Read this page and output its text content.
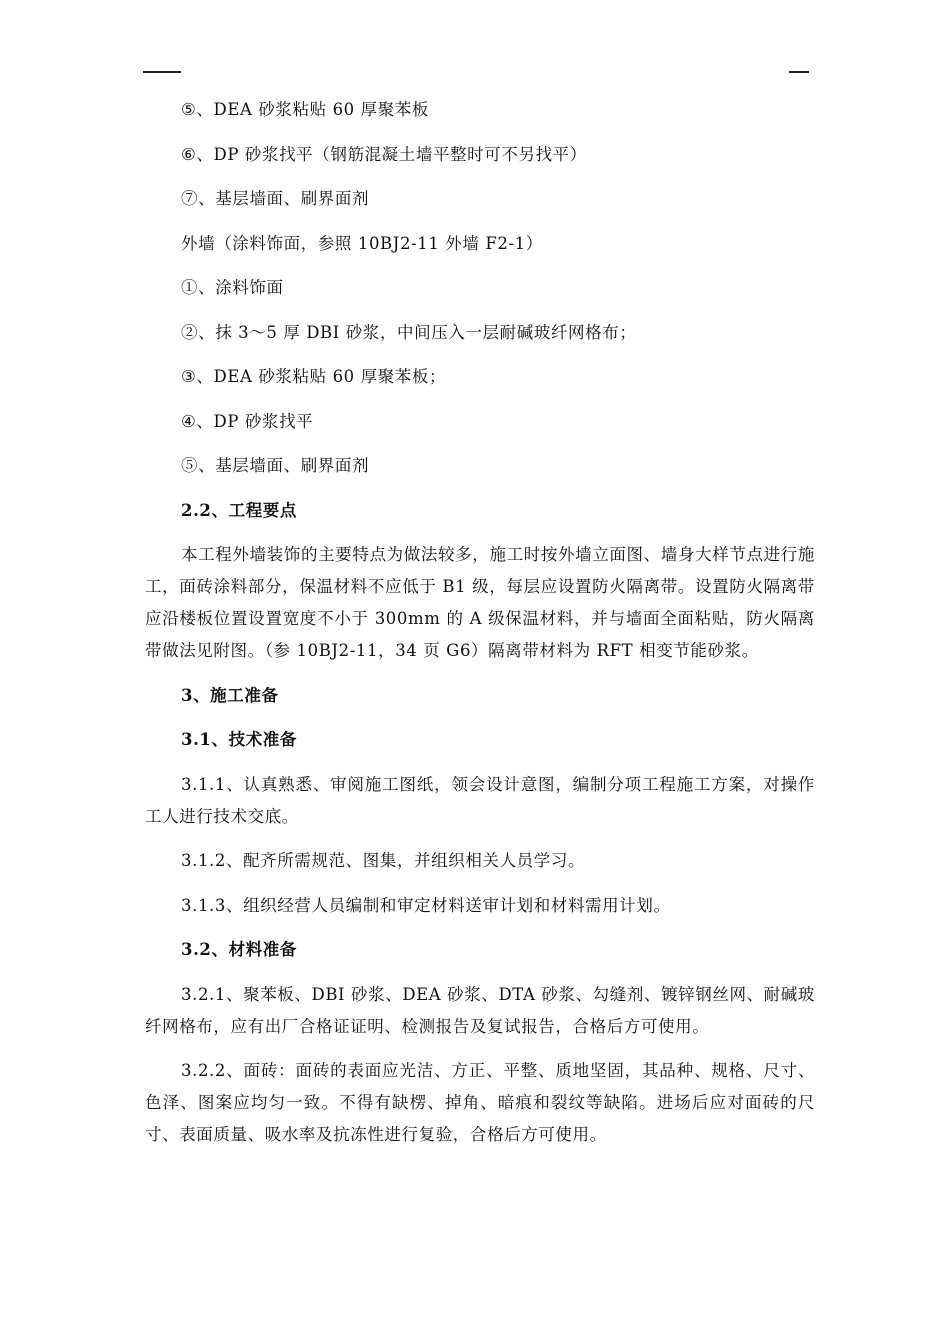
⑤、DEA 砂浆粘贴 60 厚聚苯板

⑥、DP 砂浆找平（钢筋混凝土墙平整时可不另找平）

⑦、基层墙面、刷界面剂

外墙（涂料饰面，参照 10BJ2-11 外墙 F2-1）

①、涂料饰面

②、抹 3～5 厚 DBI 砂浆，中间压入一层耐碱玻纤网格布；

③、DEA 砂浆粘贴 60 厚聚苯板；

④、DP 砂浆找平

⑤、基层墙面、刷界面剂

2.2、工程要点

本工程外墙装饰的主要特点为做法较多，施工时按外墙立面图、墙身大样节点进行施工，面砖涂料部分，保温材料不应低于 B1 级，每层应设置防火隔离带。设置防火隔离带应沿楼板位置设置宽度不小于 300mm 的 A 级保温材料，并与墙面全面粘贴，防火隔离带做法见附图。（参 10BJ2-11，34 页 G6）隔离带材料为 RFT 相变节能砂浆。

3、施工准备

3.1、技术准备

3.1.1、认真熟悉、审阅施工图纸，领会设计意图，编制分项工程施工方案，对操作工人进行技术交底。

3.1.2、配齐所需规范、图集，并组织相关人员学习。

3.1.3、组织经营人员编制和审定材料送审计划和材料需用计划。

3.2、材料准备

3.2.1、聚苯板、DBI 砂浆、DEA 砂浆、DTA 砂浆、勾缝剂、镀锌钢丝网、耐碱玻纤网格布，应有出厂合格证证明、检测报告及复试报告，合格后方可使用。

3.2.2、面砖：面砖的表面应光洁、方正、平整、质地坚固，其品种、规格、尺寸、色泽、图案应均匀一致。不得有缺楞、掉角、暗痕和裂纹等缺陷。进场后应对面砖的尺寸、表面质量、吸水率及抗冻性进行复验，合格后方可使用。
